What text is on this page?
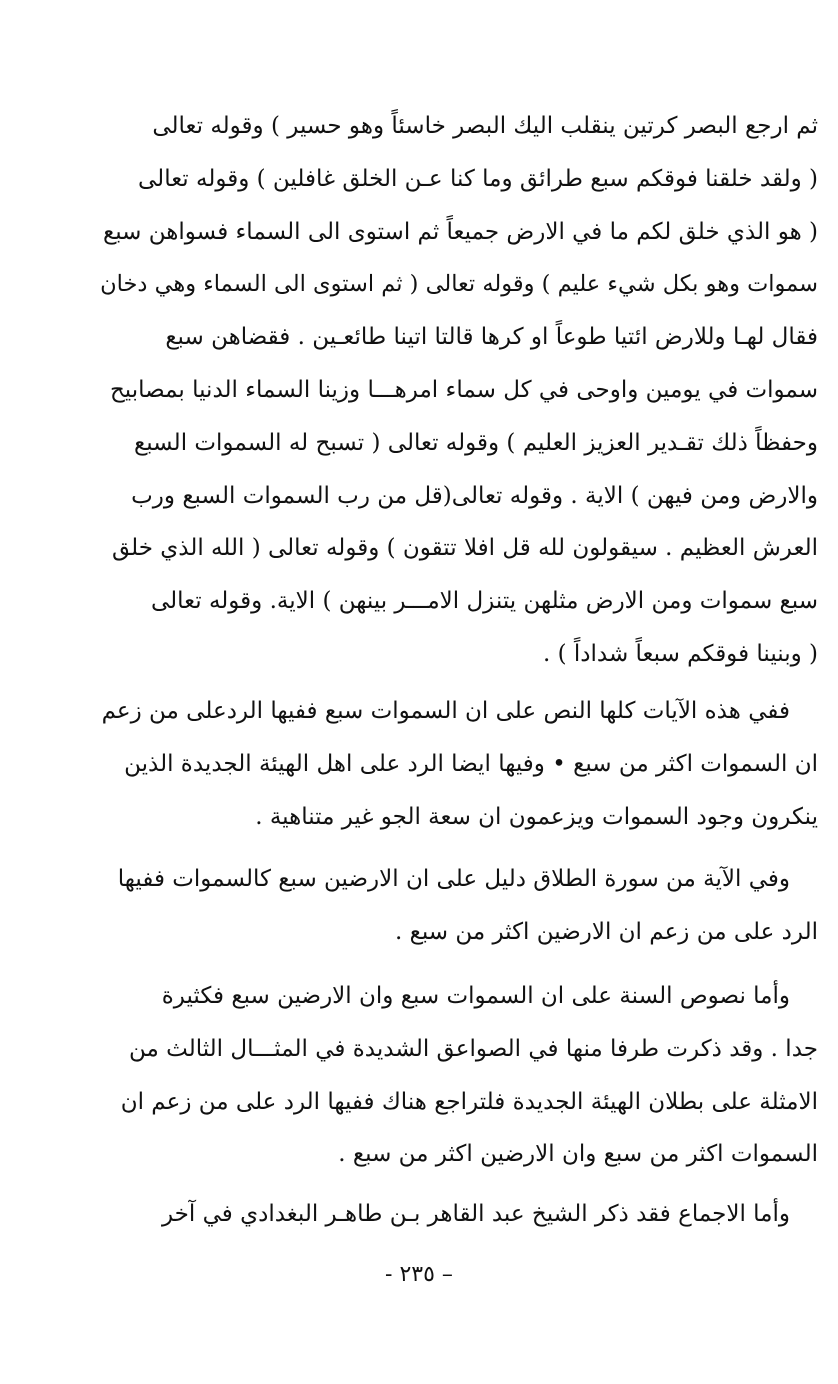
ثم ارجع البصر كرتين ينقلب اليك البصر خاسئاً وهو حسير ) وقوله تعالى
( ولقد خلقنا فوقكم سبع طرائق وما كنا عـن الخلق غافلين ) وقوله تعالى
( هو الذي خلق لكم ما في الارض جميعاً ثم استوى الى السماء فسواهن سبع
سموات وهو بكل شيء عليم ) وقوله تعالى ( ثم استوى الى السماء وهي دخان
فقال لهـا وللارض ائتيا طوعاً او كرها قالتا اتينا طائعـين . فقضاهن سبع
سموات في يومين واوحى في كل سماء امرهـــا وزينا السماء الدنيا بمصابيح
وحفظاً ذلك تقـدير العزيز العليم ) وقوله تعالى ( تسبح له السموات السبع
والارض ومن فيهن ) الاية . وقوله تعالى(قل من رب السموات السبع ورب
العرش العظيم . سيقولون لله قل افلا تتقون ) وقوله تعالى ( الله الذي خلق
سبع سموات ومن الارض مثلهن يتنزل الامـــر بينهن ) الاية. وقوله تعالى
( وبنينا فوقكم سبعاً شداداً ) .
ففي هذه الآيات كلها النص على ان السموات سبع ففيها الردعلى من زعم
ان السموات اكثر من سبع • وفيها ايضا الرد على اهل الهيئة الجديدة الذين
ينكرون وجود السموات ويزعمون ان سعة الجو غير متناهية .
وفي الآية من سورة الطلاق دليل على ان الارضين سبع كالسموات ففيها
الرد على من زعم ان الارضين اكثر من سبع .
وأما نصوص السنة على ان السموات سبع وان الارضين سبع فكثيرة
جدا . وقد ذكرت طرفا منها في الصواعق الشديدة في المثـــال الثالث من
الامثلة على بطلان الهيئة الجديدة فلتراجع هناك ففيها الرد على من زعم ان
السموات اكثر من سبع وان الارضين اكثر من سبع .
وأما الاجماع فقد ذكر الشيخ عبد القاهر بـن طاهـر البغدادي في آخر
– ٢٣٥ -
